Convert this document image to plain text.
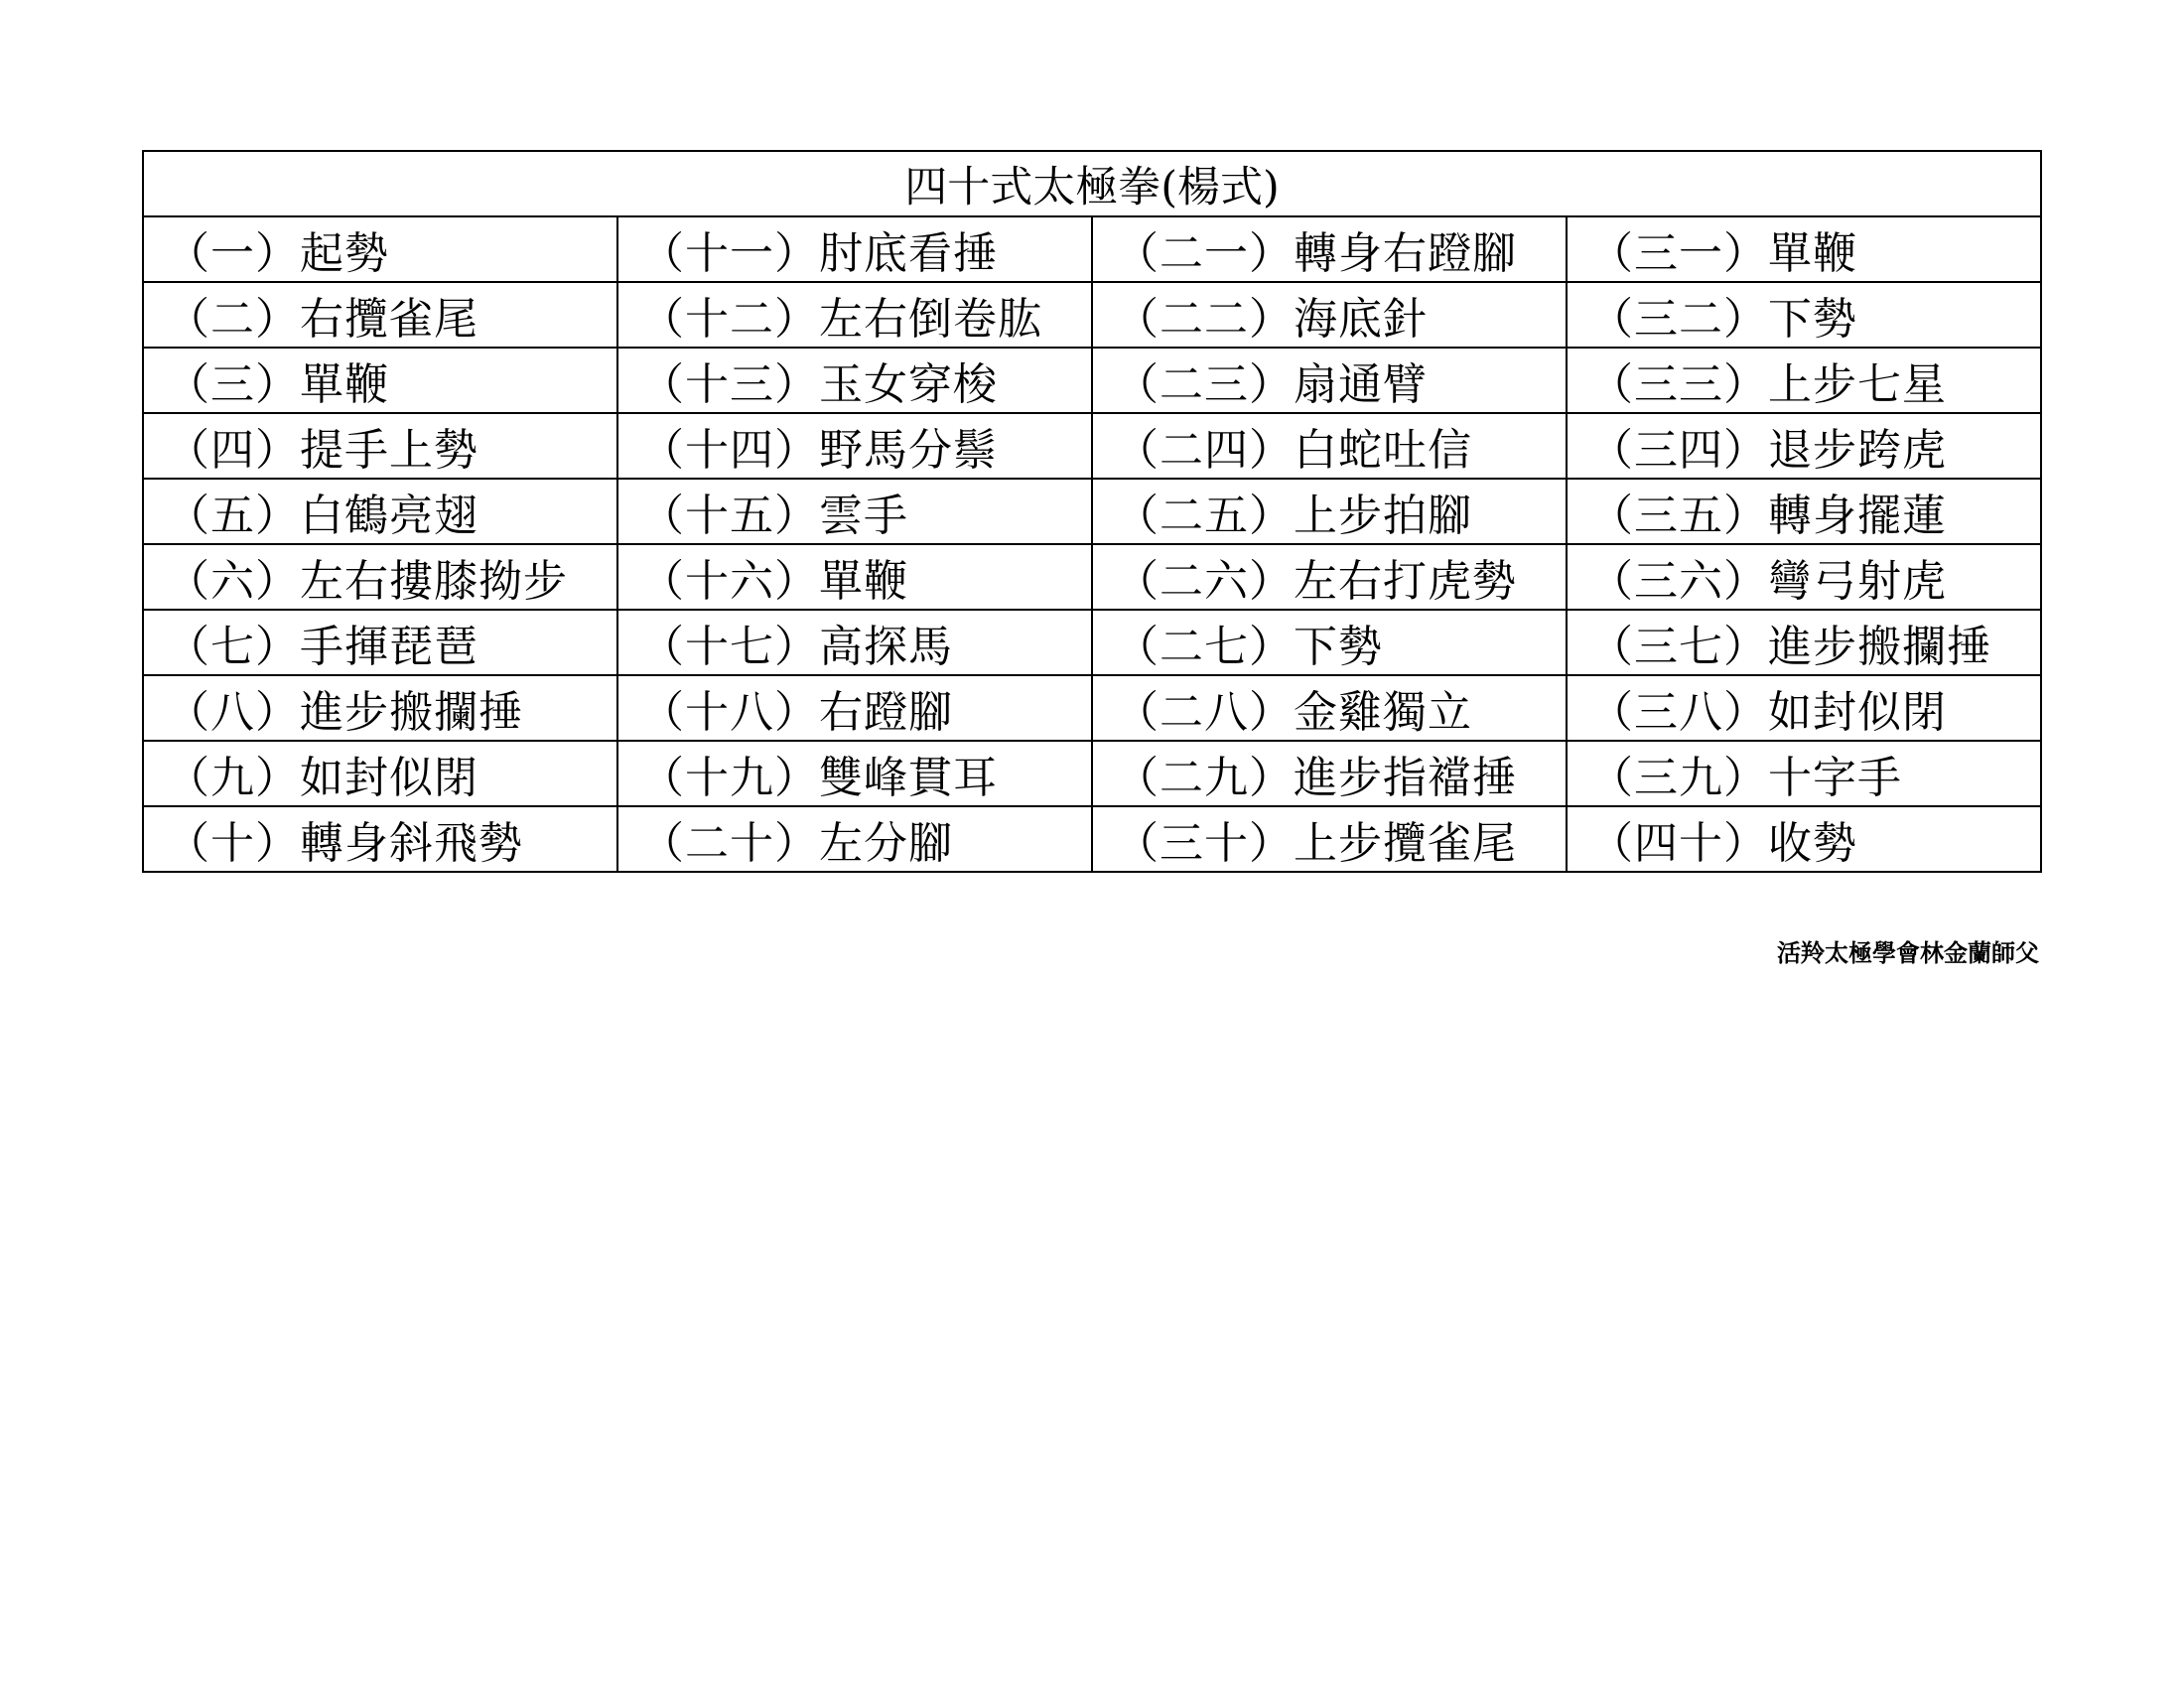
四十式太極拳(楊式)			
（一）起勢	（十一）肘底看捶	（二一）轉身右蹬腳	（三一）單鞭
（二）右攬雀尾	（十二）左右倒卷肱	（二二）海底針	（三二）下勢
（三）單鞭	（十三）玉女穿梭	（二三）扇通臂	（三三）上步七星
（四）提手上勢	（十四）野馬分鬃	（二四）白蛇吐信	（三四）退步跨虎
（五）白鶴亮翅	（十五）雲手	（二五）上步拍腳	（三五）轉身擺蓮
（六）左右摟膝拗步	（十六）單鞭	（二六）左右打虎勢	（三六）彎弓射虎
（七）手揮琵琶	（十七）高探馬	（二七）下勢	（三七）進步搬攔捶
（八）進步搬攔捶	（十八）右蹬腳	（二八）金雞獨立	（三八）如封似閉
（九）如封似閉	（十九）雙峰貫耳	（二九）進步指襠捶	（三九）十字手
（十）轉身斜飛勢	（二十）左分腳	（三十）上步攬雀尾	（四十）收勢
活羚太極學會林金蘭師父
